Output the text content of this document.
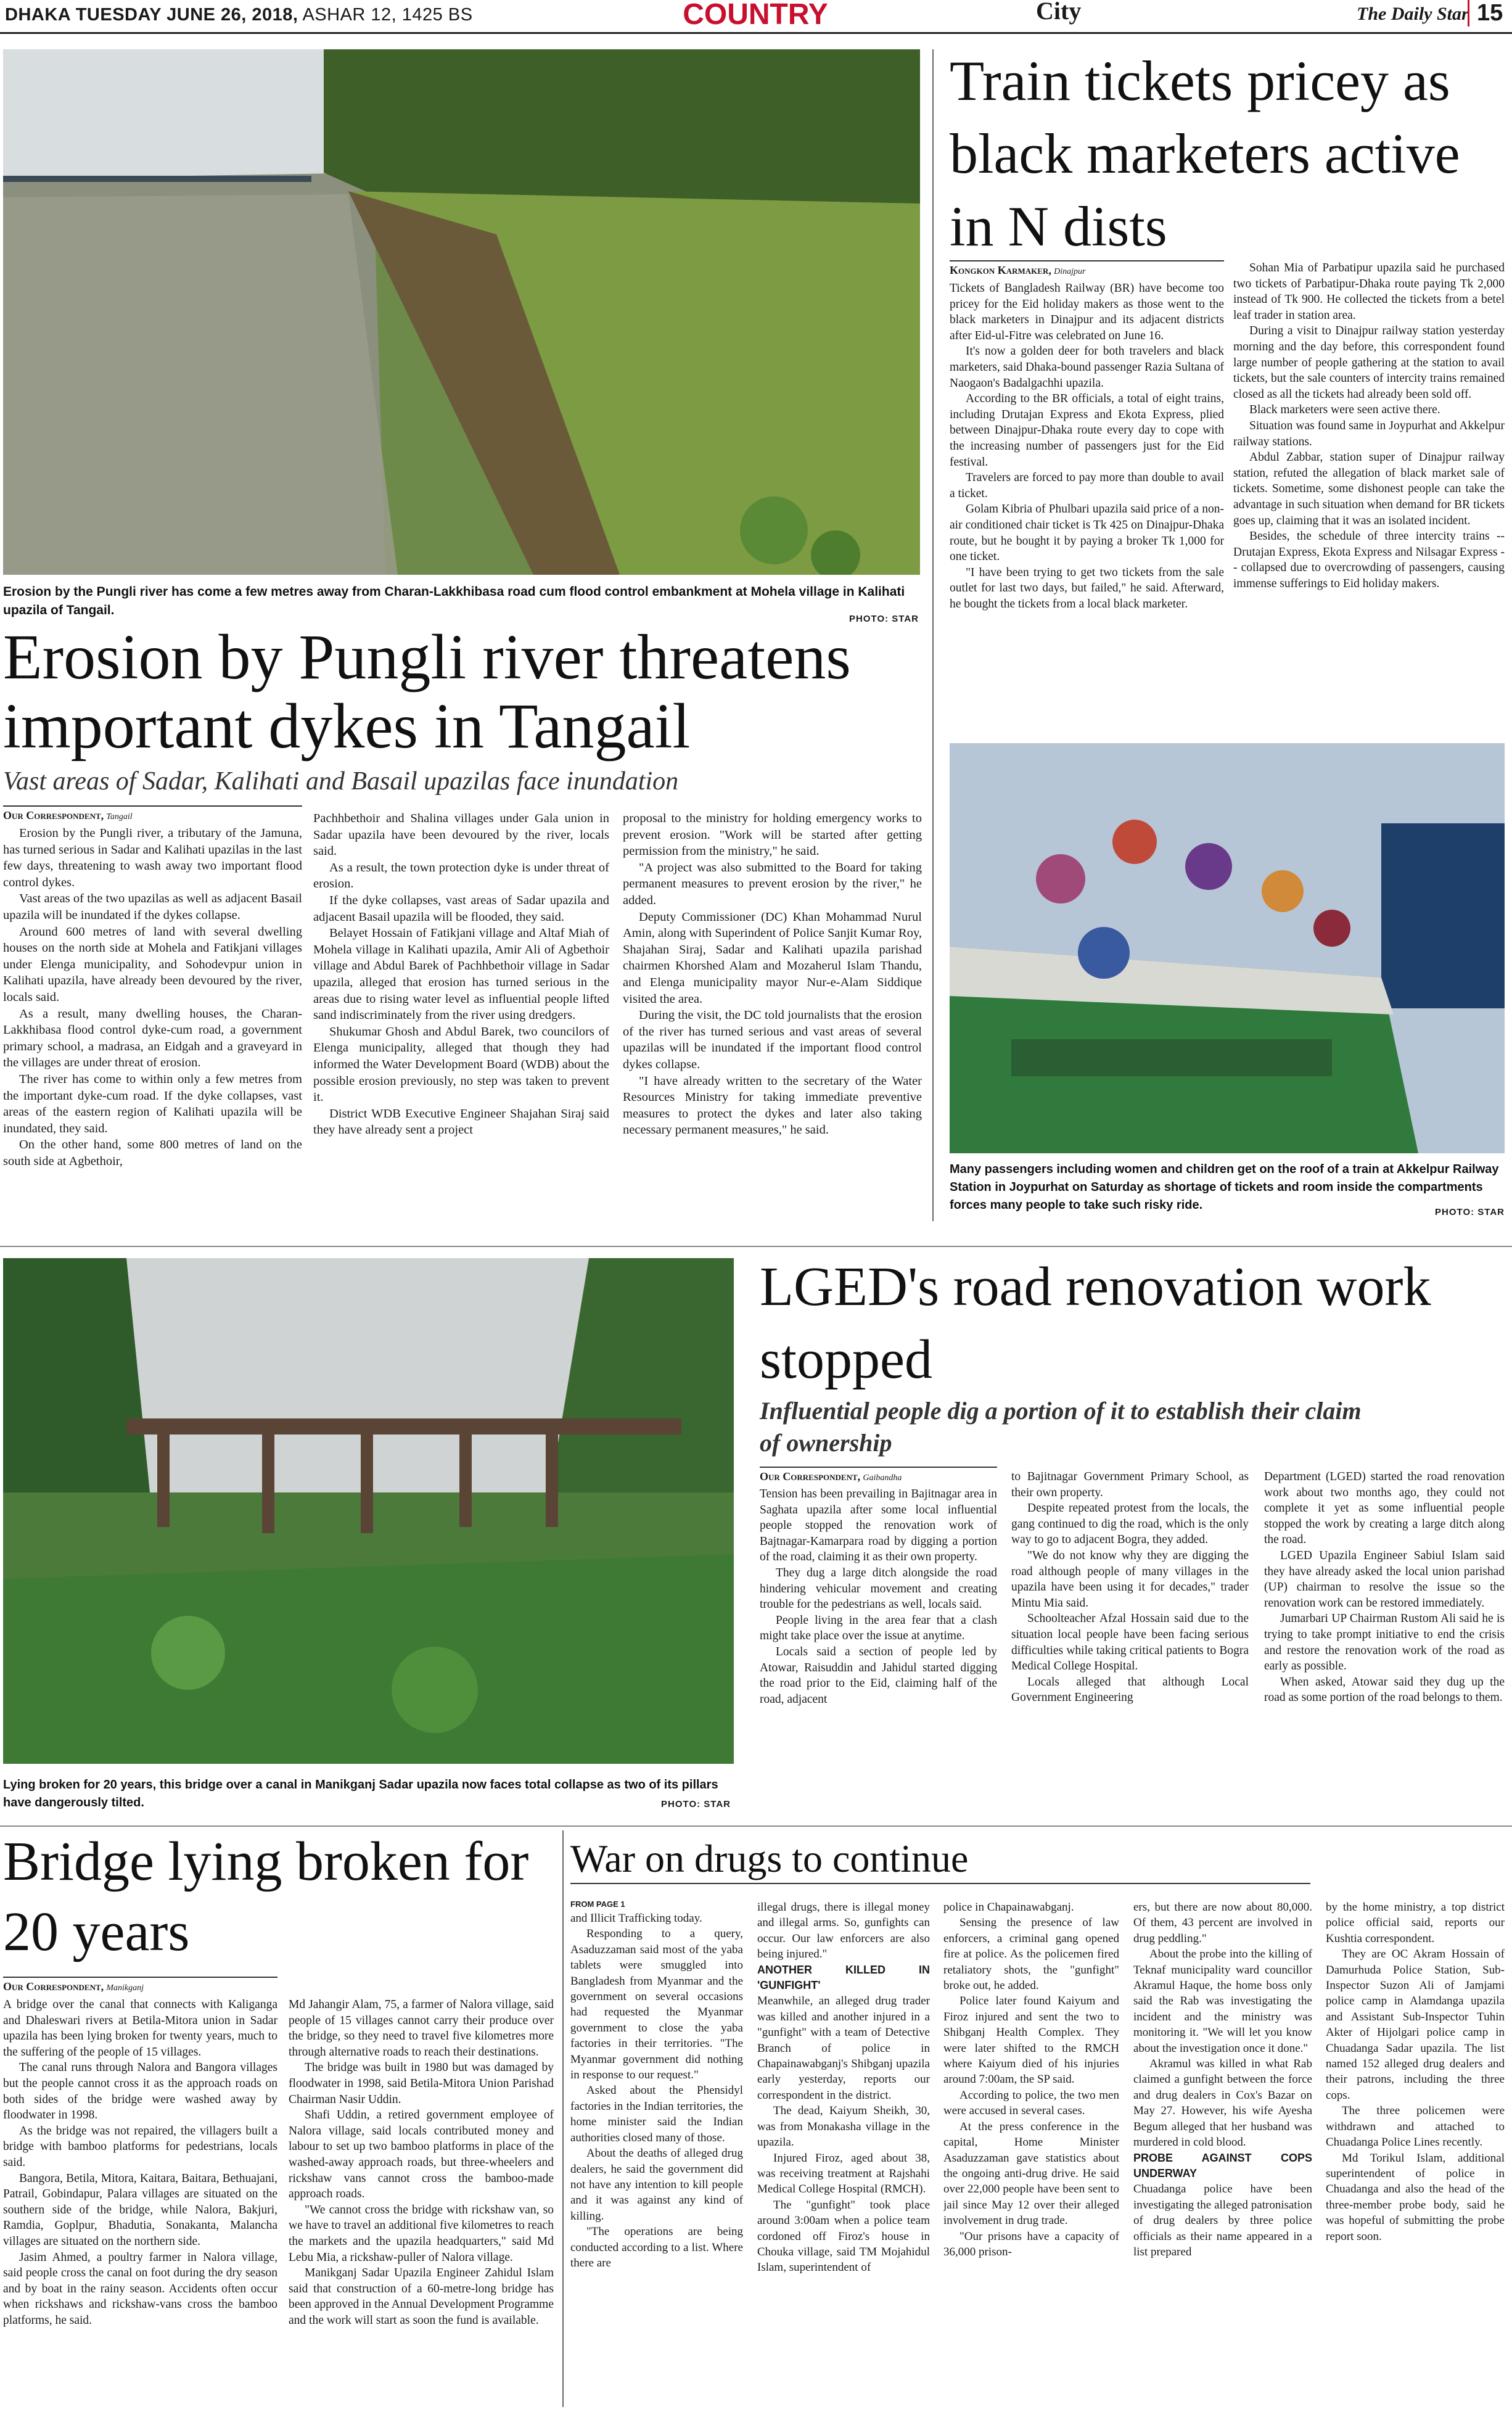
DHAKA TUESDAY JUNE 26, 2018, ASHAR 12, 1425 BS	COUNTRY	City	The Daily Star 15
Erosion by the Pungli river has come a few metres away from Charan-Lakkhibasa road cum flood control embankment at Mohela village in Kalihati upazila of Tangail.
PHOTO: STAR
Erosion by Pungli river threatens important dykes in Tangail
Vast areas of Sadar, Kalihati and Basail upazilas face inundation
Our Correspondent, Tangail

Erosion by the Pungli river, a tributary of the Jamuna, has turned serious in Sadar and Kalihati upazilas in the last few days, threatening to wash away two important flood control dykes.

Vast areas of the two upazilas as well as adjacent Basail upazila will be inundated if the dykes collapse.

Around 600 metres of land with several dwelling houses on the north side at Mohela and Fatikjani villages under Elenga municipality, and Sohodevpur union in Kalihati upazila, have already been devoured by the river, locals said.

As a result, many dwelling houses, the Charan-Lakkhibasa flood control dyke-cum road, a government primary school, a madrasa, an Eidgah and a graveyard in the villages are under threat of erosion.

The river has come to within only a few metres from the important dyke-cum road. If the dyke collapses, vast areas of the eastern region of Kalihati upazila will be inundated, they said.

On the other hand, some 800 metres of land on the south side at Agbethoir,

Pachhbethoir and Shalina villages under Gala union in Sadar upazila have been devoured by the river, locals said.

As a result, the town protection dyke is under threat of erosion.

If the dyke collapses, vast areas of Sadar upazila and adjacent Basail upazila will be flooded, they said.

Belayet Hossain of Fatikjani village and Altaf Miah of Mohela village in Kalihati upazila, Amir Ali of Agbethoir village and Abdul Barek of Pachhbethoir village in Sadar upazila, alleged that erosion has turned serious in the areas due to rising water level as influential people lifted sand indiscriminately from the river using dredgers.

Shukumar Ghosh and Abdul Barek, two councilors of Elenga municipality, alleged that though they had informed the Water Development Board (WDB) about the possible erosion previously, no step was taken to prevent it.

District WDB Executive Engineer Shajahan Siraj said they have already sent a project

proposal to the ministry for holding emergency works to prevent erosion. "Work will be started after getting permission from the ministry," he said.

"A project was also submitted to the Board for taking permanent measures to prevent erosion by the river," he added.

Deputy Commissioner (DC) Khan Mohammad Nurul Amin, along with Superindent of Police Sanjit Kumar Roy, Shajahan Siraj, Sadar and Kalihati upazila parishad chairmen Khorshed Alam and Mozaherul Islam Thandu, and Elenga municipality mayor Nur-e-Alam Siddique visited the area.

During the visit, the DC told journalists that the erosion of the river has turned serious and vast areas of several upazilas will be inundated if the important flood control dykes collapse.

"I have already written to the secretary of the Water Resources Ministry for taking immediate preventive measures to protect the dykes and later also taking necessary permanent measures," he said.

Train tickets pricey as black marketers active in N dists
Kongkon Karmaker, Dinajpur

Tickets of Bangladesh Railway (BR) have become too pricey for the Eid holiday makers as those went to the black marketers in Dinajpur and its adjacent districts after Eid-ul-Fitre was celebrated on June 16.

It's now a golden deer for both travelers and black marketers, said Dhaka-bound passenger Razia Sultana of Naogaon's Badalgachhi upazila.

According to the BR officials, a total of eight trains, including Drutajan Express and Ekota Express, plied between Dinajpur-Dhaka route every day to cope with the increasing number of passengers just for the Eid festival.

Travelers are forced to pay more than double to avail a ticket.

Golam Kibria of Phulbari upazila said price of a non-air conditioned chair ticket is Tk 425 on Dinajpur-Dhaka route, but he bought it by paying a broker Tk 1,000 for one ticket.

"I have been trying to get two tickets from the sale outlet for last two days, but failed," he said. Afterward, he bought the tickets from a local black marketer.

Sohan Mia of Parbatipur upazila said he purchased two tickets of Parbatipur-Dhaka route paying Tk 2,000 instead of Tk 900. He collected the tickets from a betel leaf trader in station area.

During a visit to Dinajpur railway station yesterday morning and the day before, this correspondent found large number of people gathering at the station to avail tickets, but the sale counters of intercity trains remained closed as all the tickets had already been sold off.

Black marketers were seen active there.

Situation was found same in Joypurhat and Akkelpur railway stations.

Abdul Zabbar, station super of Dinajpur railway station, refuted the allegation of black market sale of tickets. Sometime, some dishonest people can take the advantage in such situation when demand for BR tickets goes up, claiming that it was an isolated incident.

Besides, the schedule of three intercity trains -- Drutajan Express, Ekota Express and Nilsagar Express -- collapsed due to overcrowding of passengers, causing immense sufferings to Eid holiday makers.

Many passengers including women and children get on the roof of a train at Akkelpur Railway Station in Joypurhat on Saturday as shortage of tickets and room inside the compartments forces many people to take such risky ride.
PHOTO: STAR
Lying broken for 20 years, this bridge over a canal in Manikganj Sadar upazila now faces total collapse as two of its pillars have dangerously tilted.	PHOTO: STAR
LGED's road renovation work stopped
Influential people dig a portion of it to establish their claim of ownership
Our Correspondent, Gaibandha

Tension has been prevailing in Bajitnagar area in Saghata upazila after some local influential people stopped the renovation work of Bajtnagar-Kamarpara road by digging a portion of the road, claiming it as their own property.

They dug a large ditch alongside the road hindering vehicular movement and creating trouble for the pedestrians as well, locals said.

People living in the area fear that a clash might take place over the issue at anytime.

Locals said a section of people led by Atowar, Raisuddin and Jahidul started digging the road prior to the Eid, claiming half of the road, adjacent

to Bajitnagar Government Primary School, as their own property.

Despite repeated protest from the locals, the gang continued to dig the road, which is the only way to go to adjacent Bogra, they added.

"We do not know why they are digging the road although people of many villages in the upazila have been using it for decades," trader Mintu Mia said.

Schoolteacher Afzal Hossain said due to the situation local people have been facing serious difficulties while taking critical patients to Bogra Medical College Hospital.

Locals alleged that although Local Government Engineering

Department (LGED) started the road renovation work about two months ago, they could not complete it yet as some influential people stopped the work by creating a large ditch along the road.

LGED Upazila Engineer Sabiul Islam said they have already asked the local union parishad (UP) chairman to resolve the issue so the renovation work can be restored immediately.

Jumarbari UP Chairman Rustom Ali said he is trying to take prompt initiative to end the crisis and restore the renovation work of the road as early as possible.

When asked, Atowar said they dug up the road as some portion of the road belongs to them.

Bridge lying broken for 20 years
Our Correspondent, Manikganj

A bridge over the canal that connects with Kaliganga and Dhaleswari rivers at Betila-Mitora union in Sadar upazila has been lying broken for twenty years, much to the suffering of the people of 15 villages.

The canal runs through Nalora and Bangora villages but the people cannot cross it as the approach roads on both sides of the bridge were washed away by floodwater in 1998.

As the bridge was not repaired, the villagers built a bridge with bamboo platforms for pedestrians, locals said.

Bangora, Betila, Mitora, Kaitara, Baitara, Bethuajani, Patrail, Gobindapur, Palara villages are situated on the southern side of the bridge, while Nalora, Bakjuri, Ramdia, Goplpur, Bhadutia, Sonakanta, Malancha villages are situated on the northern side.

Jasim Ahmed, a poultry farmer in Nalora village, said people cross the canal on foot during the dry season and by boat in the rainy season. Accidents often occur when rickshaws and rickshaw-vans cross the bamboo platforms, he said.

Md Jahangir Alam, 75, a farmer of Nalora village, said people of 15 villages cannot carry their produce over the bridge, so they need to travel five kilometres more through alternative roads to reach their destinations.

The bridge was built in 1980 but was damaged by floodwater in 1998, said Betila-Mitora Union Parishad Chairman Nasir Uddin.

Shafi Uddin, a retired government employee of Nalora village, said locals contributed money and labour to set up two bamboo platforms in place of the washed-away approach roads, but three-wheelers and rickshaw vans cannot cross the bamboo-made approach roads.

"We cannot cross the bridge with rickshaw van, so we have to travel an additional five kilometres to reach the markets and the upazila headquarters," said Md Lebu Mia, a rickshaw-puller of Nalora village.

Manikganj Sadar Upazila Engineer Zahidul Islam said that construction of a 60-metre-long bridge has been approved in the Annual Development Programme and the work will start as soon the fund is available.

War on drugs to continue
FROM PAGE 1

and Illicit Trafficking today.

Responding to a query, Asaduzzaman said most of the yaba tablets were smuggled into Bangladesh from Myanmar and the government on several occasions had requested the Myanmar government to close the yaba factories in their territories. "The Myanmar government did nothing in response to our request."

Asked about the Phensidyl factories in the Indian territories, the home minister said the Indian authorities closed many of those.

About the deaths of alleged drug dealers, he said the government did not have any intention to kill people and it was against any kind of killing.

"The operations are being conducted according to a list. Where there are

illegal drugs, there is illegal money and illegal arms. So, gunfights can occur. Our law enforcers are also being injured."

ANOTHER KILLED IN 'GUNFIGHT'

Meanwhile, an alleged drug trader was killed and another injured in a "gunfight" with a team of Detective Branch of police in Chapainawabganj's Shibganj upazila early yesterday, reports our correspondent in the district.

The dead, Kaiyum Sheikh, 30, was from Monakasha village in the upazila.

Injured Firoz, aged about 38, was receiving treatment at Rajshahi Medical College Hospital (RMCH).

The "gunfight" took place around 3:00am when a police team cordoned off Firoz's house in Chouka village, said TM Mojahidul Islam, superintendent of

police in Chapainawabganj.

Sensing the presence of law enforcers, a criminal gang opened fire at police. As the policemen fired retaliatory shots, the "gunfight" broke out, he added.

Police later found Kaiyum and Firoz injured and sent the two to Shibganj Health Complex. They were later shifted to the RMCH where Kaiyum died of his injuries around 7:00am, the SP said.

According to police, the two men were accused in several cases.

At the press conference in the capital, Home Minister Asaduzzaman gave statistics about the ongoing anti-drug drive. He said over 22,000 people have been sent to jail since May 12 over their alleged involvement in drug trade.

"Our prisons have a capacity of 36,000 prison-

ers, but there are now about 80,000. Of them, 43 percent are involved in drug peddling."

About the probe into the killing of Teknaf municipality ward councillor Akramul Haque, the home boss only said the Rab was investigating the incident and the ministry was monitoring it. "We will let you know about the investigation once it done."

Akramul was killed in what Rab claimed a gunfight between the force and drug dealers in Cox's Bazar on May 27. However, his wife Ayesha Begum alleged that her husband was murdered in cold blood.

PROBE AGAINST COPS UNDERWAY

Chuadanga police have been investigating the alleged patronisation of drug dealers by three police officials as their name appeared in a list prepared

by the home ministry, a top district police official said, reports our Kushtia correspondent.

They are OC Akram Hossain of Damurhuda Police Station, Sub-Inspector Suzon Ali of Jamjami police camp in Alamdanga upazila and Assistant Sub-Inspector Tuhin Akter of Hijolgari police camp in Chuadanga Sadar upazila. The list named 152 alleged drug dealers and their patrons, including the three cops.

The three policemen were withdrawn and attached to Chuadanga Police Lines recently.

Md Torikul Islam, additional superintendent of police in Chuadanga and also the head of the three-member probe body, said he was hopeful of submitting the probe report soon.
